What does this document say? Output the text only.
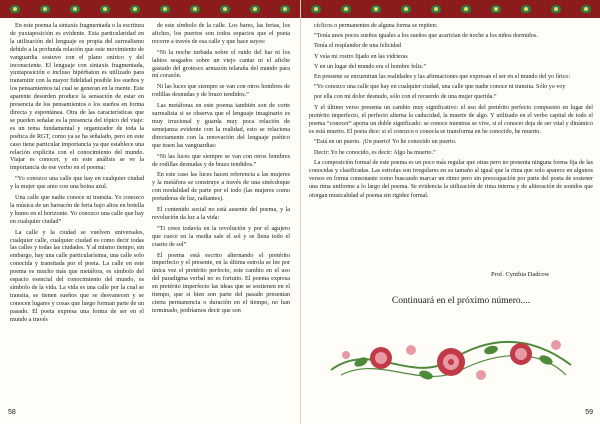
En este poema la sintaxis fragmentada o la escritura de yuxtaposición es evidente. Esta particularidad en la utilización del lenguaje es propia del surrealismo debido a la profunda relación que este movimiento de vanguardia sostuvo con el plano onírico y del inconsciente. El lenguaje con sintaxis fragmentada, yuxtaposición e incluso hipérbaton es utilizado para transmitir con la mayor fidelidad posible los sueños y los pensamientos tal cual se generan en la mente. Este aparente desorden produce la sensación de estar en presencia de los pensamientos o los sueños en forma directa y espontánea. Otra de las características que se pueden señalar es la presencia del tópico del viaje: es un tema fundamental y organizador de toda la poética de RGT, como ya se ha señalado, pero en este caso tiene particular importancia ya que establece una relación explícita con el conocimiento del mundo. Viajar es conocer, y en este análisis se ve la importancia de ese verbo en el poema:

“Yo conozco una calle que hay en cualquier ciudad y la mujer que amo con una boina azul.

Una calle que nadie conoce ni transita. Yo conozco la música de un barracón de feria bajo altos en botella y humo en el horizonte. Yo conozco una calle que hay en cualquier ciudad”

La calle y la ciudad se vuelven universales, cualquier calle, cualquier ciudad es como decir todas las calles y todas las ciudades. Y al mismo tiempo, sin embargo, hay una calle particularísima, una calle solo conocida y transitada por el poeta. La calle en este poema es mucho más que metáfora, es símbolo del espacio esencial del conocimiento del mundo, es símbolo de la vida. La vida es una calle por la cual se transita, se tienen sueños que se desvanecen y se conocen lugares y cosas que luego forman parte de un pasado. El poeta expresa una forma de ser en el mundo a través

de este símbolo de la calle. Los bares, las ferias, los afiches, los puertos son todos espacios que el poeta recorre a través de esa calle y que hace suyos:

“Ni la noche turbada sobre el ruido del bar ni los labios sesgados sobre un viejo cantar ni el afiche gastado del grotesco armazón telaraña del mundo para mí corazón.

Ni las luces que siempre se van con otros hombres de rodillas desnudas y de brazo tendidos.”

Las metáforas en este poema también son de corte surrealista si se observa que el lenguaje imaginario es muy irracional y guarda muy poca relación de semejanza evidente con la realidad, esto se relaciona directamente con la renovación del lenguaje poético que traen las vanguardias:

“Ni las luces que siempre se van con otros hombres de rodillas desnudas y de brazo tendidos.”

En este caso las luces hacen referencia a las mujeres y la metáfora se construye a través de una sinécdoque con modalidad de parte por el todo (las mujeres como portadoras de luz, radiantes).

El contenido social no está ausente del poema, y la revolución da luz a la vida:

“Ti crees todavía en la revolución y por el agujero que cuece en la media sale el sol y se llena todo el cuarto de sol”

El poema está escrito alternando el pretérito imperfecto y el presente, en la última estrofa se lee por única vez el pretérito perfecto, este cambio en el uso del paradigma verbal no es fortuito. El poema expresa en pretérito imperfecto las ideas que se sostienen en el tiempo, que si bien son parte del pasado presentan cierta permanencia o duración en el tiempo, no han terminado, podríamos decir que son

58

cíclicos o permanentes de alguna forma se repiten:

“Tenía unos pocos sueños iguales a los sueños que acarician de noche a los niños dormidos.

Tenía el resplandor de una felicidad

Y veía mi rostro fijado en las vidrieras

Y en un lugar del mundo era el hombre feliz.”

En presente se encuentran las realidades y las afirmaciones que expresan el ser en el mundo del yo lírico:

“Yo conozco una calle que hay en cualquier ciudad, una calle que nadie conoce ni transita. Sólo yo voy

por ella con mi dolor desnudo, sólo con el recuerdo de una mujer querida.”

Y el último verso presenta un cambio muy significativo: el uso del pretérito perfecto compuesto en lugar del pretérito imperfecto, el perfecto alterna la caducidad, la muerte de algo. Y utilizado en el verbo capital de todo el poema “conocer” aporta un doble significado: se conoce mientras se vive, si el conocer deja de ser vital y dinámico es está muerto. El poeta dice: si el conozco o conocía se transforma en he conocido, he muerto.

“Está en un puerto. ¡Un puerto! Yo he conocido un puerto.

Decir: Yo he conocido, es decir: Algo ha muerto.”

La composición formal de este poema es un poco más regular que otras pero no presenta ninguna forma fija de las conocidas y clasificadas. Las estrofas son irregulares en su tamaño al igual que la rima que solo aparece en algunos versos en forma consonante como buscando marcar un ritmo pero sin preocupación por parte del poeta de sostener una rima uniforme a lo largo del poema. Se evidencia la utilización de rima interna y de aliteración de sonidos que otorgan musicalidad al poema sin rigidez formal.

Prof. Cynthia Dadcow
Continuará en el próximo número....
59
